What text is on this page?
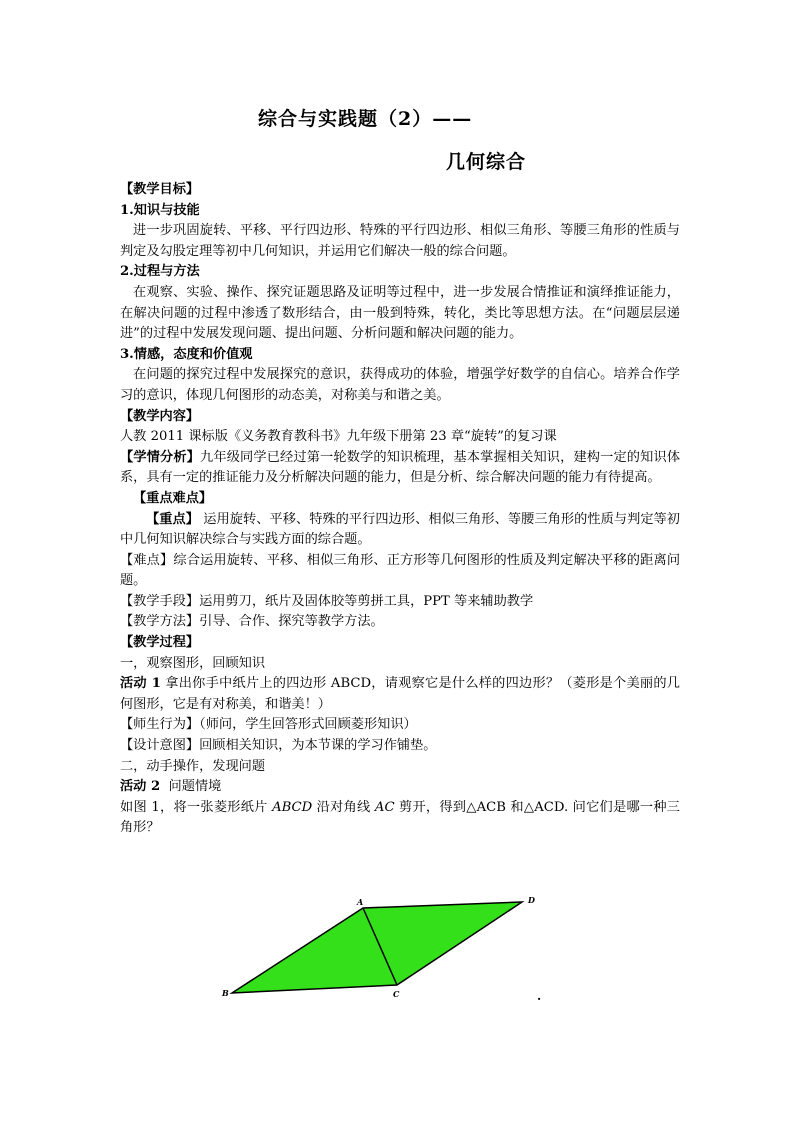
综合与实践题（2）——
几何综合

【教学目标】

1.知识与技能

进一步巩固旋转、平移、平行四边形、特殊的平行四边形、相似三角形、等腰三角形的性质与判定及勾股定理等初中几何知识，并运用它们解决一般的综合问题。

2.过程与方法

在观察、实验、操作、探究证题思路及证明等过程中，进一步发展合情推证和演绎推证能力，在解决问题的过程中渗透了数形结合，由一般到特殊，转化，类比等思想方法。在“问题层层递进”的过程中发展发现问题、提出问题、分析问题和解决问题的能力。

3.情感，态度和价值观

在问题的探究过程中发展探究的意识，获得成功的体验，增强学好数学的自信心。培养合作学习的意识，体现几何图形的动态美，对称美与和谐之美。

【教学内容】

人教 2011 课标版《义务教育教科书》九年级下册第 23 章“旋转”的复习课

【学情分析】九年级同学已经过第一轮数学的知识梳理，基本掌握相关知识，建构一定的知识体系，具有一定的推证能力及分析解决问题的能力，但是分析、综合解决问题的能力有待提高。

【重点难点】

【重点】 运用旋转、平移、特殊的平行四边形、相似三角形、等腰三角形的性质与判定等初中几何知识解决综合与实践方面的综合题。

【难点】综合运用旋转、平移、相似三角形、正方形等几何图形的性质及判定解决平移的距离问题。

【教学手段】运用剪刀，纸片及固体胶等剪拼工具，PPT 等来辅助教学

【教学方法】引导、合作、探究等教学方法。

【教学过程】

一，观察图形，回顾知识

活动 1 拿出你手中纸片上的四边形 ABCD，请观察它是什么样的四边形？（菱形是个美丽的几何图形，它是有对称美，和谐美！）

【师生行为】（师问，学生回答形式回顾菱形知识）

【设计意图】回顾相关知识，为本节课的学习作铺垫。

二，动手操作，发现问题

活动 2 问题情境

如图 1，将一张菱形纸片 ABCD 沿对角线 AC 剪开，得到△ACB 和△ACD. 问它们是哪一种三角形？

A	D
C
B	.
